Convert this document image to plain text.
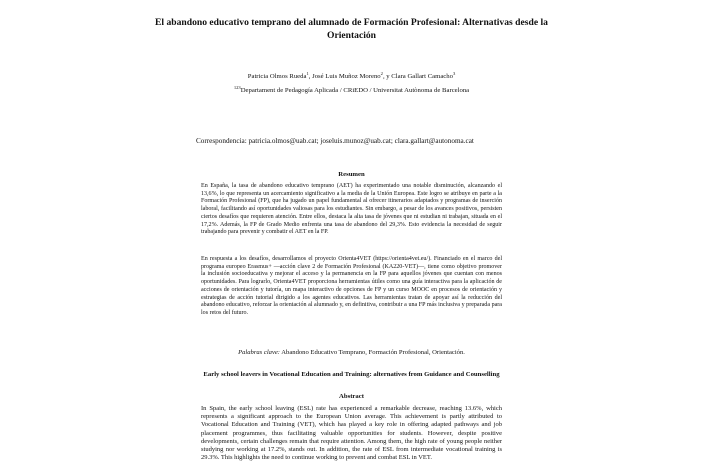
El abandono educativo temprano del alumnado de Formación Profesional: Alternativas desde la Orientación
Patricia Olmos Rueda$^1$, José Luis Muñoz Moreno$^2$, y Clara Gallart Camacho$^3$
$^{123}$Departament de Pedagogía Aplicada / CRiEDO / Universitat Autònoma de Barcelona
Correspondencia: patricia.olmos@uab.cat; joseluis.munoz@uab.cat; clara.gallart@autonoma.cat
Resumen
En España, la tasa de abandono educativo temprano (AET) ha experimentado una notable disminución, alcanzando el 13,6%, lo que representa un acercamiento significativo a la media de la Unión Europea. Este logro se atribuye en parte a la Formación Profesional (FP), que ha jugado un papel fundamental al ofrecer itinerarios adaptados y programas de inserción laboral, facilitando así oportunidades valiosas para los estudiantes. Sin embargo, a pesar de los avances positivos, persisten ciertos desafíos que requieren atención. Entre ellos, destaca la alta tasa de jóvenes que ni estudian ni trabajan, situada en el 17,2%. Además, la FP de Grado Medio enfrenta una tasa de abandono del 29,3%. Esto evidencia la necesidad de seguir trabajando para prevenir y combatir el AET en la FP.
En respuesta a los desafíos, desarrollamos el proyecto Orienta4VET (https://orienta4vet.eu/). Financiado en el marco del programa europeo Erasmus+ —acción clave 2 de Formación Profesional (KA220-VET)—, tiene como objetivo promover la inclusión socioeducativa y mejorar el acceso y la permanencia en la FP para aquellos jóvenes que cuentan con menos oportunidades. Para lograrlo, Orienta4VET proporciona herramientas útiles como una guía interactiva para la aplicación de acciones de orientación y tutoría, un mapa interactivo de opciones de FP y un curso MOOC en procesos de orientación y estrategias de acción tutorial dirigido a los agentes educativos. Las herramientas tratan de apoyar así la reducción del abandono educativo, reforzar la orientación al alumnado y, en definitiva, contribuir a una FP más inclusiva y preparada para los retos del futuro.
Palabras clave: Abandono Educativo Temprano, Formación Profesional, Orientación.
Early school leavers in Vocational Education and Training: alternatives from Guidance and Counselling
Abstract
In Spain, the early school leaving (ESL) rate has experienced a remarkable decrease, reaching 13.6%, which represents a significant approach to the European Union average. This achievement is partly attributed to Vocational Education and Training (VET), which has played a key role in offering adapted pathways and job placement programmes, thus facilitating valuable opportunities for students. However, despite positive developments, certain challenges remain that require attention. Among them, the high rate of young people neither studying nor working at 17.2%, stands out. In addition, the rate of ESL from intermediate vocational training is 29.3%. This highlights the need to continue working to prevent and combat ESL in VET.
